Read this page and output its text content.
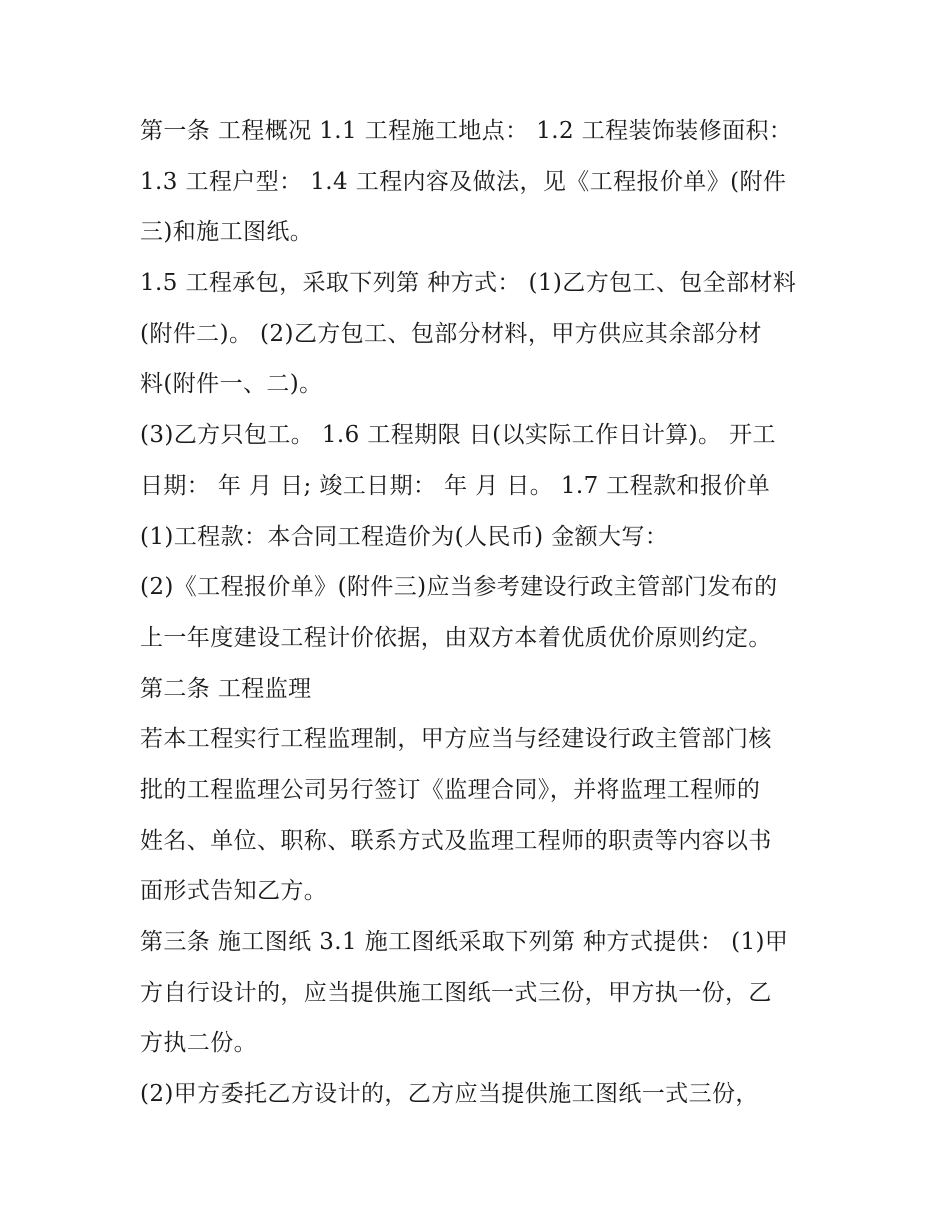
第一条 工程概况 1.1 工程施工地点： 1.2 工程装饰装修面积：
1.3 工程户型： 1.4 工程内容及做法，见《工程报价单》(附件
三)和施工图纸。
1.5 工程承包，采取下列第 种方式： (1)乙方包工、包全部材料
(附件二)。 (2)乙方包工、包部分材料，甲方供应其余部分材
料(附件一、二)。
(3)乙方只包工。 1.6 工程期限 日(以实际工作日计算)。 开工
日期： 年 月 日; 竣工日期： 年 月 日。 1.7 工程款和报价单
(1)工程款：本合同工程造价为(人民币) 金额大写：
(2)《工程报价单》(附件三)应当参考建设行政主管部门发布的
上一年度建设工程计价依据，由双方本着优质优价原则约定。
第二条 工程监理
若本工程实行工程监理制，甲方应当与经建设行政主管部门核
批的工程监理公司另行签订《监理合同》，并将监理工程师的
姓名、单位、职称、联系方式及监理工程师的职责等内容以书
面形式告知乙方。
第三条 施工图纸 3.1 施工图纸采取下列第 种方式提供： (1)甲
方自行设计的，应当提供施工图纸一式三份，甲方执一份，乙
方执二份。
(2)甲方委托乙方设计的，乙方应当提供施工图纸一式三份，
